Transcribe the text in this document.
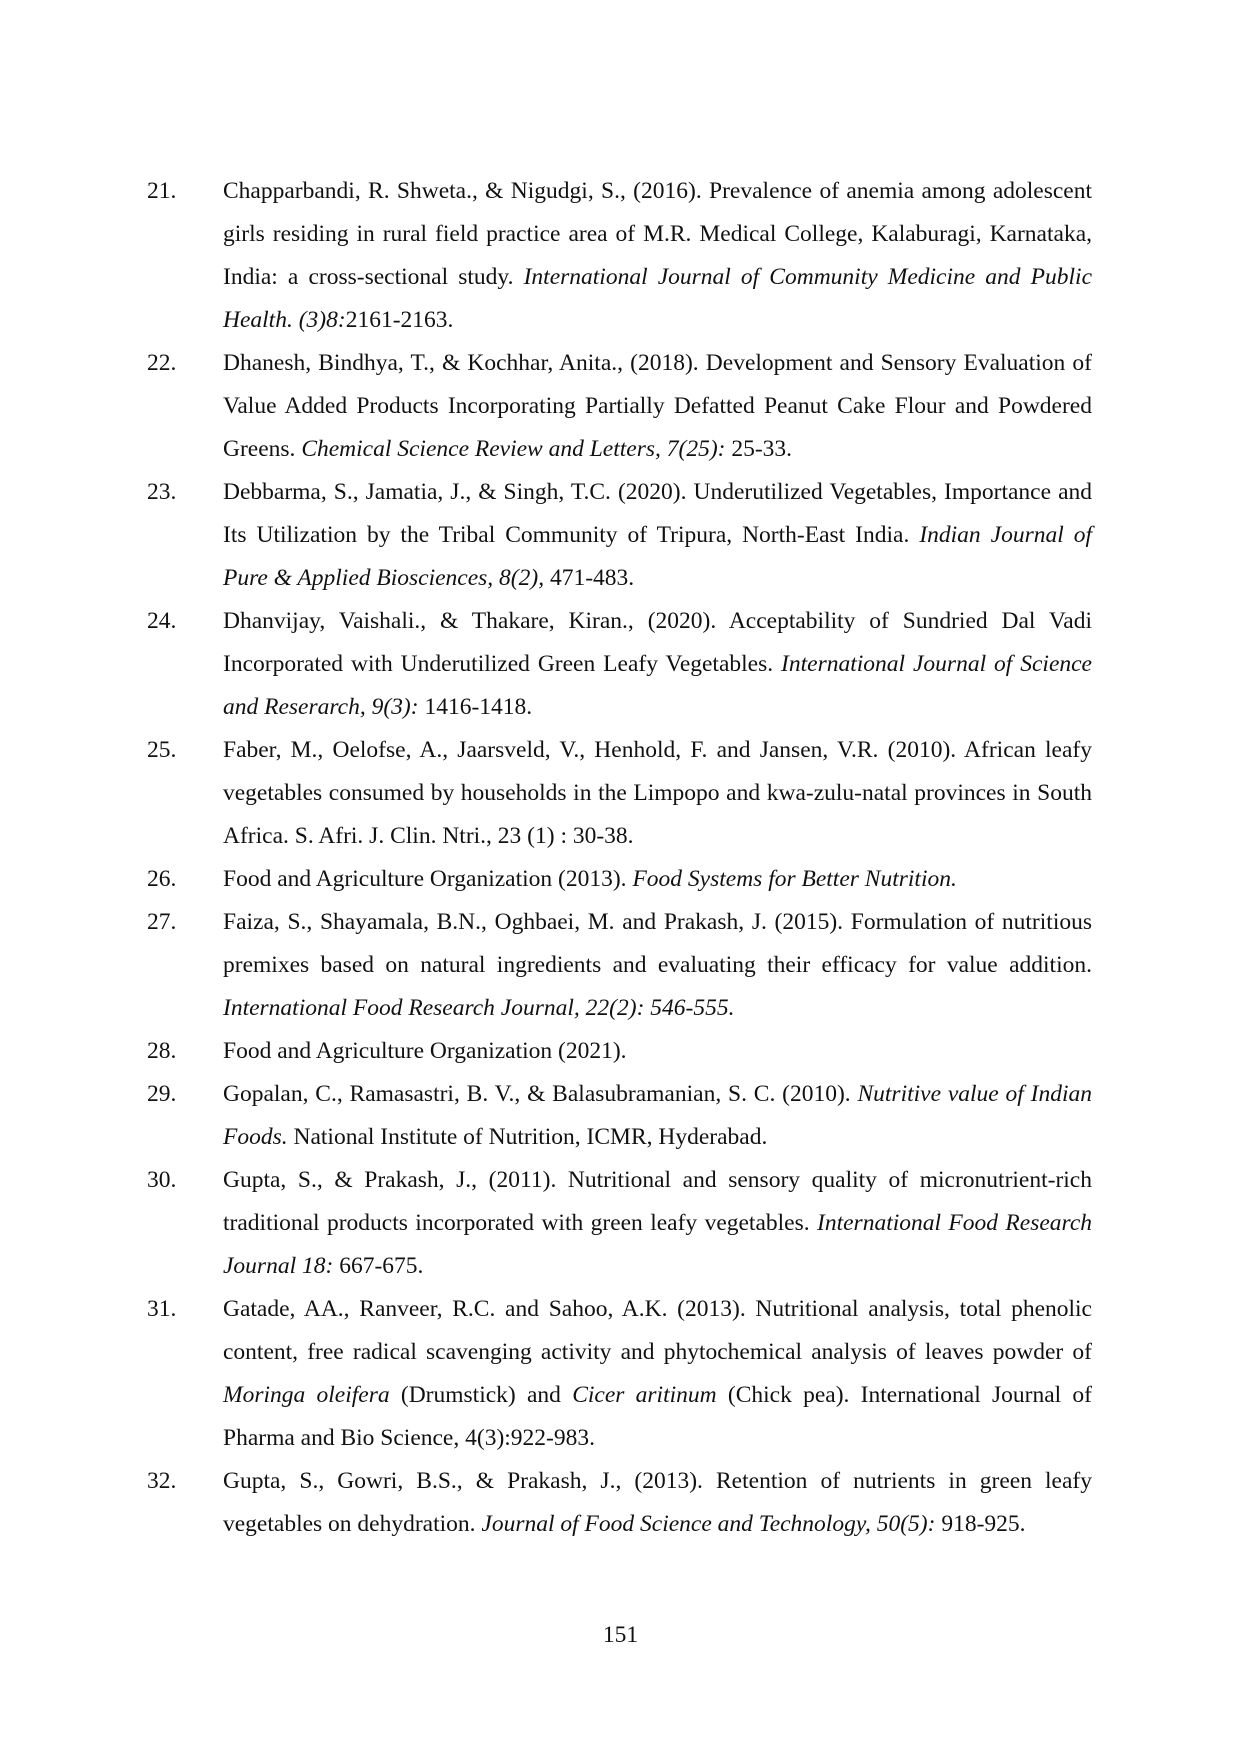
21. Chapparbandi, R. Shweta., & Nigudgi, S., (2016). Prevalence of anemia among adolescent girls residing in rural field practice area of M.R. Medical College, Kalaburagi, Karnataka, India: a cross-sectional study. International Journal of Community Medicine and Public Health. (3)8:2161-2163.
22. Dhanesh, Bindhya, T., & Kochhar, Anita., (2018). Development and Sensory Evaluation of Value Added Products Incorporating Partially Defatted Peanut Cake Flour and Powdered Greens. Chemical Science Review and Letters, 7(25): 25-33.
23. Debbarma, S., Jamatia, J., & Singh, T.C. (2020). Underutilized Vegetables, Importance and Its Utilization by the Tribal Community of Tripura, North-East India. Indian Journal of Pure & Applied Biosciences, 8(2), 471-483.
24. Dhanvijay, Vaishali., & Thakare, Kiran., (2020). Acceptability of Sundried Dal Vadi Incorporated with Underutilized Green Leafy Vegetables. International Journal of Science and Reserarch, 9(3): 1416-1418.
25. Faber, M., Oelofse, A., Jaarsveld, V., Henhold, F. and Jansen, V.R. (2010). African leafy vegetables consumed by households in the Limpopo and kwa-zulu-natal provinces in South Africa. S. Afri. J. Clin. Ntri., 23 (1) : 30-38.
26. Food and Agriculture Organization (2013). Food Systems for Better Nutrition.
27. Faiza, S., Shayamala, B.N., Oghbaei, M. and Prakash, J. (2015). Formulation of nutritious premixes based on natural ingredients and evaluating their efficacy for value addition. International Food Research Journal, 22(2): 546-555.
28. Food and Agriculture Organization (2021).
29. Gopalan, C., Ramasastri, B. V., & Balasubramanian, S. C. (2010). Nutritive value of Indian Foods. National Institute of Nutrition, ICMR, Hyderabad.
30. Gupta, S., & Prakash, J., (2011). Nutritional and sensory quality of micronutrient-rich traditional products incorporated with green leafy vegetables. International Food Research Journal 18: 667-675.
31. Gatade, AA., Ranveer, R.C. and Sahoo, A.K. (2013). Nutritional analysis, total phenolic content, free radical scavenging activity and phytochemical analysis of leaves powder of Moringa oleifera (Drumstick) and Cicer aritinum (Chick pea). International Journal of Pharma and Bio Science, 4(3):922-983.
32. Gupta, S., Gowri, B.S., & Prakash, J., (2013). Retention of nutrients in green leafy vegetables on dehydration. Journal of Food Science and Technology, 50(5): 918-925.
151
